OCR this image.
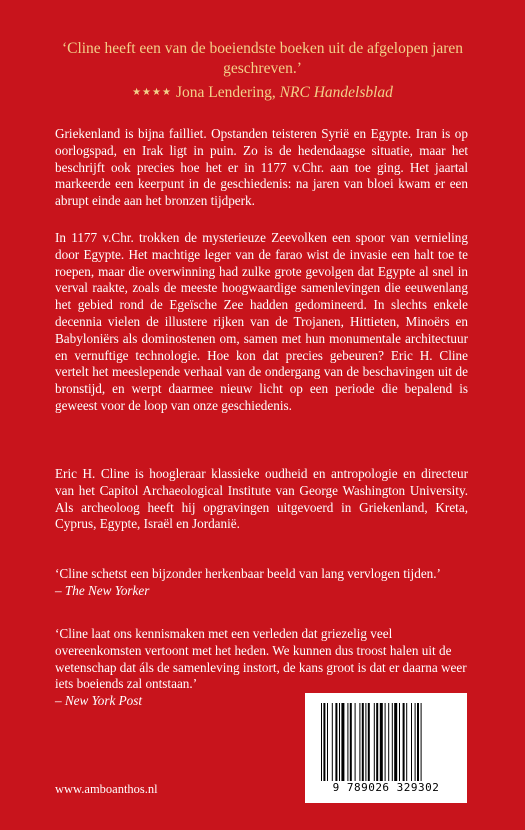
‘Cline heeft een van de boeiendste boeken uit de afgelopen jaren geschreven.’
★★★★ Jona Lendering, NRC Handelsblad

Griekenland is bijna failliet. Opstanden teisteren Syrië en Egypte. Iran is op oorlogspad, en Irak ligt in puin. Zo is de hedendaagse situatie, maar het beschrijft ook precies hoe het er in 1177 v.Chr. aan toe ging. Het jaartal markeerde een keerpunt in de geschiedenis: na jaren van bloei kwam er een abrupt einde aan het bronzen tijdperk.

In 1177 v.Chr. trokken de mysterieuze Zeevolken een spoor van vernieling door Egypte. Het machtige leger van de farao wist de invasie een halt toe te roepen, maar die overwinning had zulke grote gevolgen dat Egypte al snel in verval raakte, zoals de meeste hoogwaardige samenlevingen die eeuwenlang het gebied rond de Egeïsche Zee hadden gedomineerd. In slechts enkele decennia vielen de illustere rijken van de Trojanen, Hittieten, Minoërs en Babyloniërs als dominostenen om, samen met hun monumentale architectuur en vernuftige technologie. Hoe kon dat precies gebeuren? Eric H. Cline vertelt het meeslepende verhaal van de ondergang van de beschavingen uit de bronstijd, en werpt daarmee nieuw licht op een periode die bepalend is geweest voor de loop van onze geschiedenis.

Eric H. Cline is hoogleraar klassieke oudheid en antropologie en directeur van het Capitol Archaeological Institute van George Washington University. Als archeoloog heeft hij opgravingen uitgevoerd in Griekenland, Kreta, Cyprus, Egypte, Israël en Jordanië.

‘Cline schetst een bijzonder herkenbaar beeld van lang vervlogen tijden.’
– The New Yorker
‘Cline laat ons kennismaken met een verleden dat griezelig veel overeenkomsten vertoont met het heden. We kunnen dus troost halen uit de wetenschap dat áls de samenleving instort, de kans groot is dat er daarna weer iets boeiends zal ontstaan.’
– New York Post
www.amboanthos.nl	9 789026 329302
